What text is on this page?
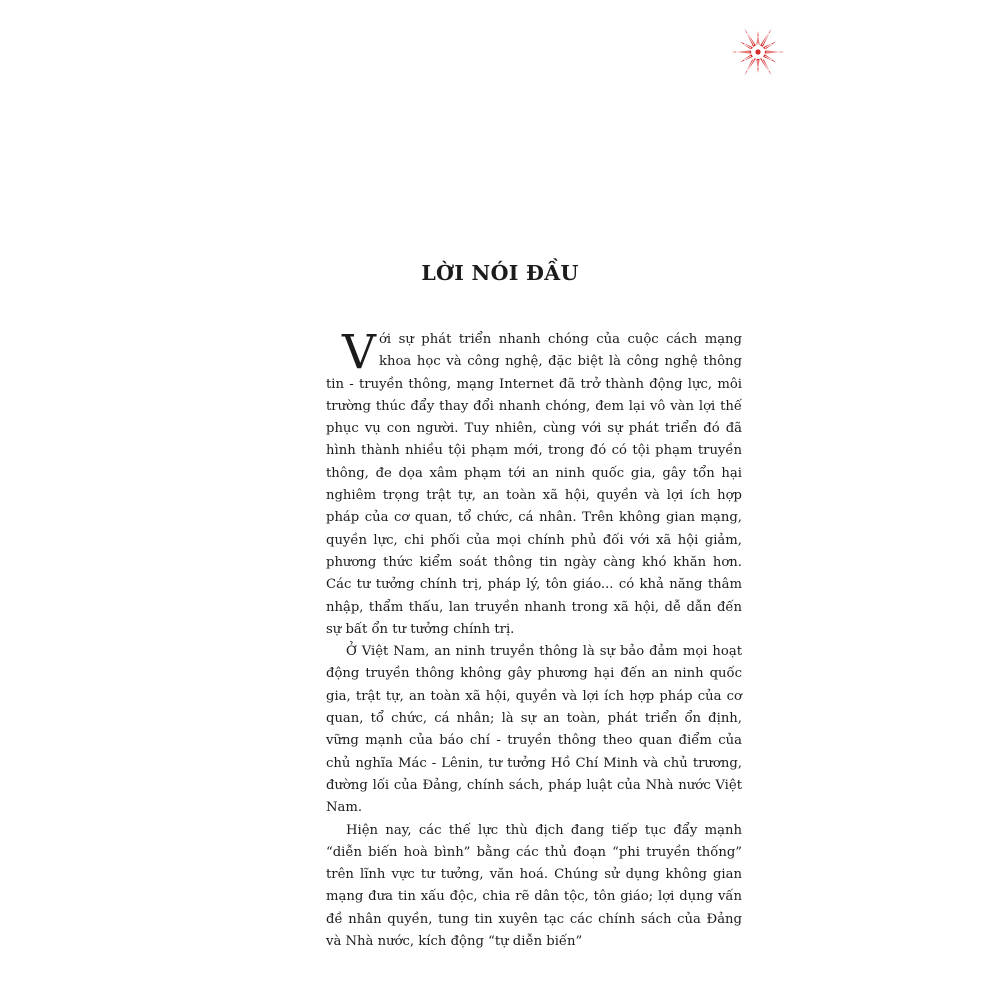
LỜI NÓI ĐẦU

Với sự phát triển nhanh chóng của cuộc cách mạng khoa học và công nghệ, đặc biệt là công nghệ thông tin - truyền thông, mạng Internet đã trở thành động lực, môi trường thúc đẩy thay đổi nhanh chóng, đem lại vô vàn lợi thế phục vụ con người. Tuy nhiên, cùng với sự phát triển đó đã hình thành nhiều tội phạm mới, trong đó có tội phạm truyền thông, đe dọa xâm phạm tới an ninh quốc gia, gây tổn hại nghiêm trọng trật tự, an toàn xã hội, quyền và lợi ích hợp pháp của cơ quan, tổ chức, cá nhân. Trên không gian mạng, quyền lực, chi phối của mọi chính phủ đối với xã hội giảm, phương thức kiểm soát thông tin ngày càng khó khăn hơn. Các tư tưởng chính trị, pháp lý, tôn giáo... có khả năng thâm nhập, thẩm thấu, lan truyền nhanh trong xã hội, dễ dẫn đến sự bất ổn tư tưởng chính trị.

Ở Việt Nam, an ninh truyền thông là sự bảo đảm mọi hoạt động truyền thông không gây phương hại đến an ninh quốc gia, trật tự, an toàn xã hội, quyền và lợi ích hợp pháp của cơ quan, tổ chức, cá nhân; là sự an toàn, phát triển ổn định, vững mạnh của báo chí - truyền thông theo quan điểm của chủ nghĩa Mác - Lênin, tư tưởng Hồ Chí Minh và chủ trương, đường lối của Đảng, chính sách, pháp luật của Nhà nước Việt Nam.

Hiện nay, các thế lực thù địch đang tiếp tục đẩy mạnh “diễn biến hoà bình” bằng các thủ đoạn “phi truyền thống” trên lĩnh vực tư tưởng, văn hoá. Chúng sử dụng không gian mạng đưa tin xấu độc, chia rẽ dân tộc, tôn giáo; lợi dụng vấn đề nhân quyền, tung tin xuyên tạc các chính sách của Đảng và Nhà nước, kích động “tự diễn biến”
